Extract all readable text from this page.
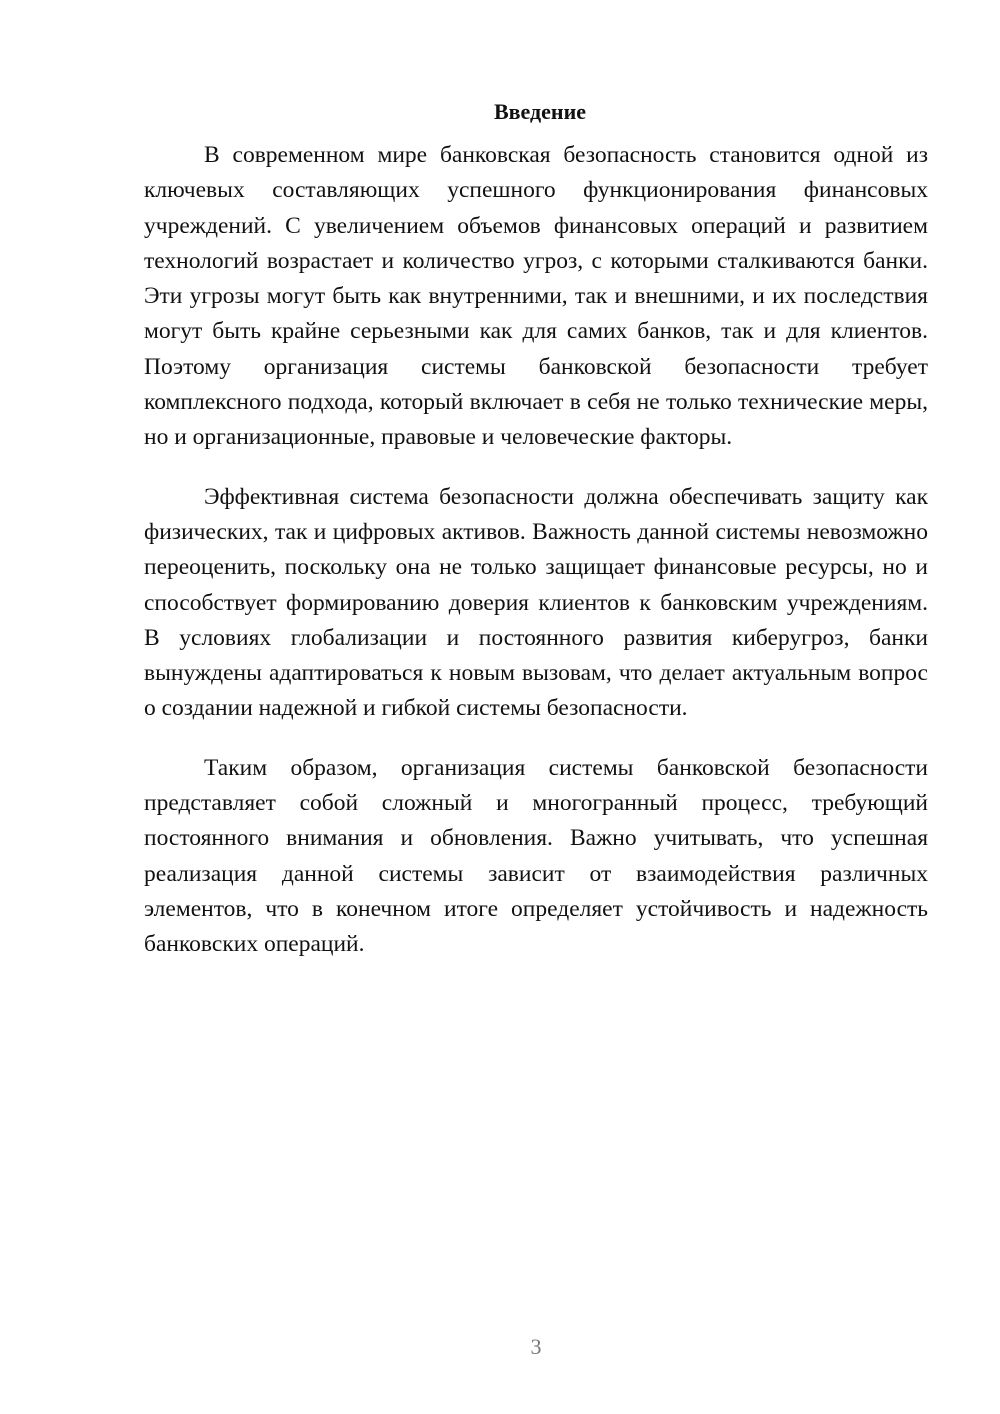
Введение

В современном мире банковская безопасность становится одной из ключевых составляющих успешного функционирования финансовых учреждений. С увеличением объемов финансовых операций и развитием технологий возрастает и количество угроз, с которыми сталкиваются банки. Эти угрозы могут быть как внутренними, так и внешними, и их последствия могут быть крайне серьезными как для самих банков, так и для клиентов. Поэтому организация системы банковской безопасности требует комплексного подхода, который включает в себя не только технические меры, но и организационные, правовые и человеческие факторы.

Эффективная система безопасности должна обеспечивать защиту как физических, так и цифровых активов. Важность данной системы невозможно переоценить, поскольку она не только защищает финансовые ресурсы, но и способствует формированию доверия клиентов к банковским учреждениям. В условиях глобализации и постоянного развития киберугроз, банки вынуждены адаптироваться к новым вызовам, что делает актуальным вопрос о создании надежной и гибкой системы безопасности.

Таким образом, организация системы банковской безопасности представляет собой сложный и многогранный процесс, требующий постоянного внимания и обновления. Важно учитывать, что успешная реализация данной системы зависит от взаимодействия различных элементов, что в конечном итоге определяет устойчивость и надежность банковских операций.

3
